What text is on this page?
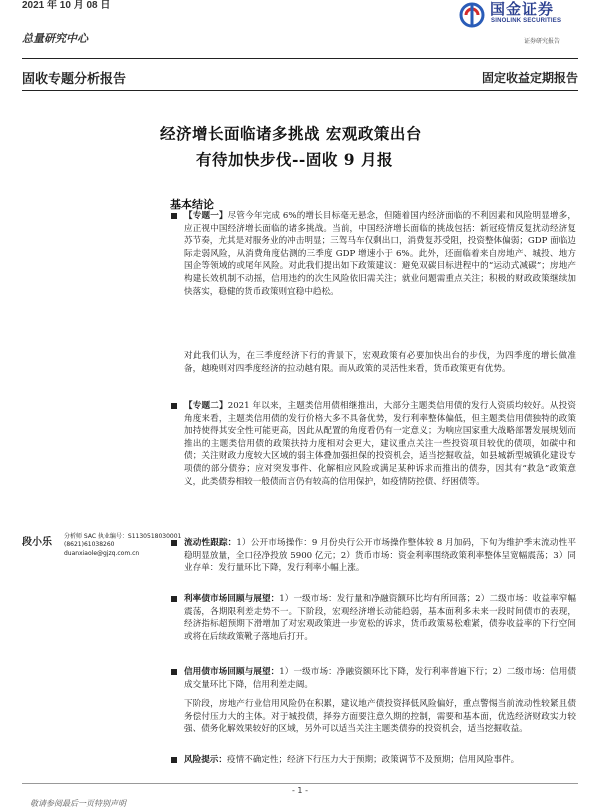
2021 年 10 月 08 日	国金证券
SINOLINK SECURITIES
证券研究报告
总量研究中心
固收专题分析报告	固定收益定期报告
经济增长面临诸多挑战 宏观政策出台
有待加快步伐--固收 9 月报
基本结论
【专题一】尽管今年完成 6%的增长目标毫无悬念，但随着国内经济面临的不利因素和风险明显增多，应正视中国经济增长面临的诸多挑战。当前，中国经济增长面临的挑战包括：新冠疫情反复扰动经济复苏节奏，尤其是对服务业的冲击明显；三驾马车仅剩出口，消费复苏受阻，投资整体偏弱；GDP 面临边际走弱风险，从消费角度估测的三季度 GDP 增速小于 6%。此外，还面临着来自房地产、城投、地方国企等领域的或尾年风险。对此我们提出如下政策建议：避免双碳目标进程中的“运动式减碳”；房地产构建长效机制不动摇，信用违约的次生风险依旧需关注；就业问题需重点关注；积极的财政政策继续加快落实，稳健的货币政策则宜稳中趋松。
对此我们认为，在三季度经济下行的背景下，宏观政策有必要加快出台的步伐，为四季度的增长做准备，越晚则对四季度经济的拉动越有限。而从政策的灵活性来看，货币政策更有优势。
【专题二】2021 年以来，主题类信用债相继推出，大部分主题类信用债的发行人资质均较好。从投资角度来看，主题类信用债的发行价格大多不具备优势，发行利率整体偏低，但主题类信用债独特的政策加持使得其安全性可能更高，因此从配置的角度看仍有一定意义；为响应国家重大战略部署发展规划而推出的主题类信用债的政策扶持力度相对会更大，建议重点关注一些投资项目较优的债项，如碳中和债；关注财政力度较大区域的弱主体叠加强担保的投资机会，适当挖掘收益，如县城新型城镇化建设专项债的部分债券；应对突发事件、化解相应风险或满足某种诉求而推出的债券，因其有“救急”政策意义，此类债券相较一般债而言仍有较高的信用保护，如疫情防控债、纾困债等。
流动性跟踪：1）公开市场操作：9 月份央行公开市场操作整体较 8 月加码，下旬为维护季末流动性平稳明显放量，全口径净投放 5900 亿元；2）货币市场：资金利率围绕政策利率整体呈宽幅震荡；3）同业存单：发行量环比下降，发行利率小幅上涨。
利率债市场回顾与展望：1）一级市场：发行量和净融资额环比均有所回落；2）二级市场：收益率窄幅震荡，各期限利差走势不一。下阶段，宏观经济增长动能趋弱，基本面利多未来一段时间债市的表现，经济指标超预期下滑增加了对宏观政策进一步宽松的诉求，货币政策易松难紧，债券收益率的下行空间或将在后续政策靴子落地后打开。
信用债市场回顾与展望：1）一级市场：净融资额环比下降，发行利率普遍下行；2）二级市场：信用债成交量环比下降，信用利差走阔。
下阶段，房地产行业信用风险仍在积累，建议地产债投资择低风险偏好，重点警惕当前流动性较紧且债务偿付压力大的主体。对于城投债，择券方面要注意久期的控制，需要和基本面，优选经济财政实力较强、债务化解效果较好的区域，另外可以适当关注主题类债券的投资机会，适当挖掘收益。
风险提示：疫情不确定性；经济下行压力大于预期；政策调节不及预期；信用风险事件。
段小乐
分析师 SAC 执业编号：S1130518030001
(8621)61038260
duanxiaole@gjzq.com.cn
- 1 -
敬请参阅最后一页特别声明
